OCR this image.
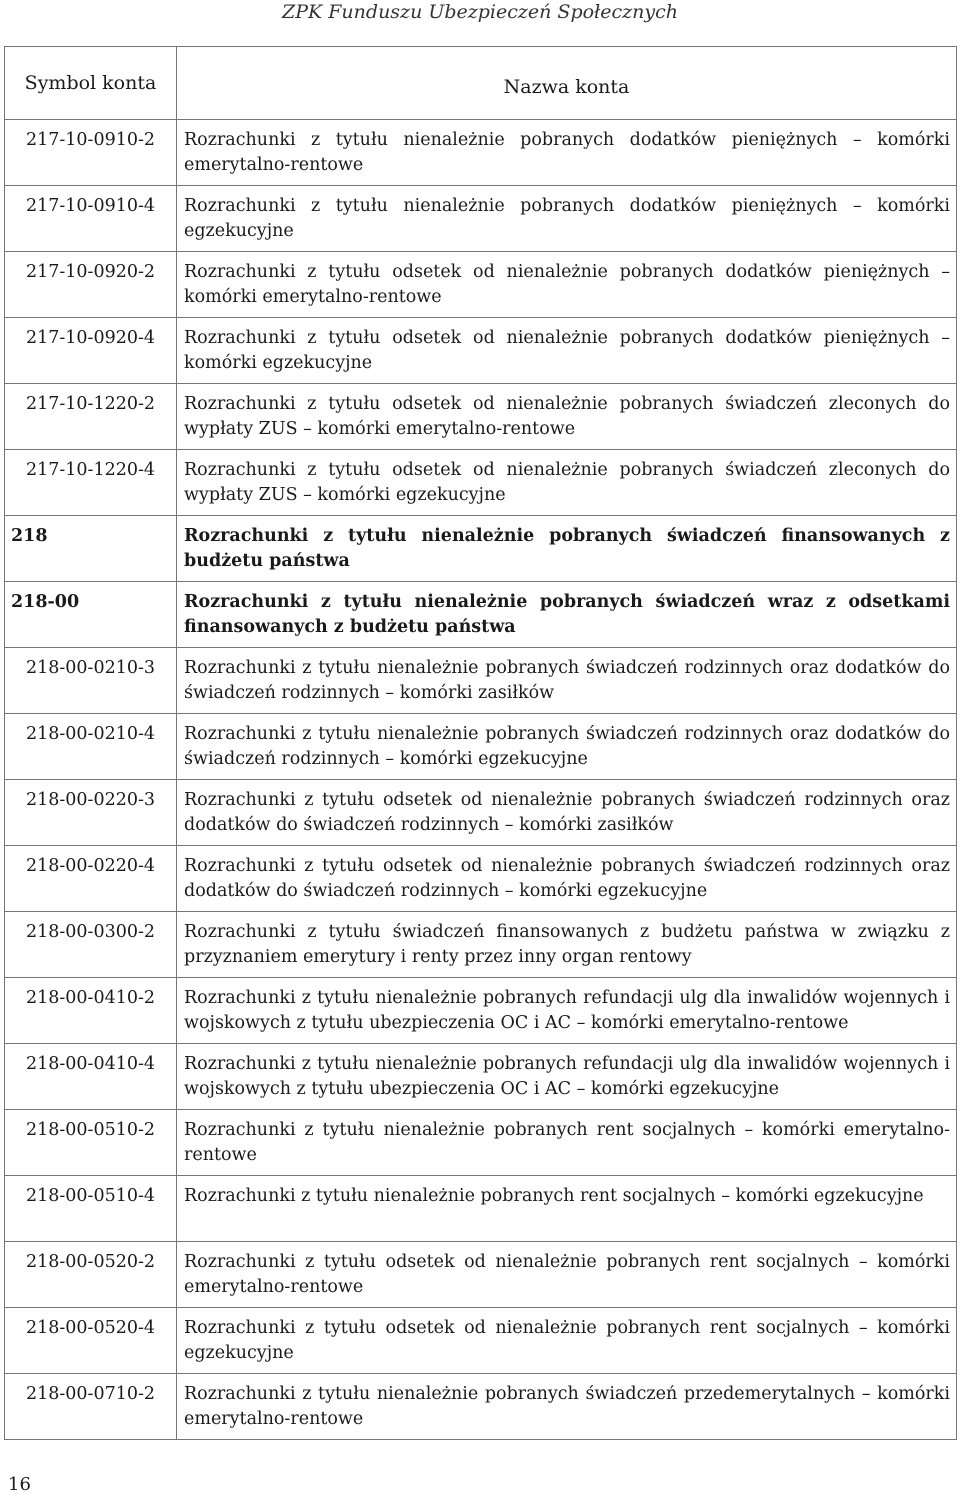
ZPK Funduszu Ubezpieczeń Społecznych
Symbol konta	Nazwa konta
217-10-0910-2	Rozrachunki z tytułu nienależnie pobranych dodatków pieniężnych – komórki emerytalno-rentowe
217-10-0910-4	Rozrachunki z tytułu nienależnie pobranych dodatków pieniężnych – komórki egzekucyjne
217-10-0920-2	Rozrachunki z tytułu odsetek od nienależnie pobranych dodatków pieniężnych – komórki emerytalno-rentowe
217-10-0920-4	Rozrachunki z tytułu odsetek od nienależnie pobranych dodatków pieniężnych – komórki egzekucyjne
217-10-1220-2	Rozrachunki z tytułu odsetek od nienależnie pobranych świadczeń zleconych do wypłaty ZUS – komórki emerytalno-rentowe
217-10-1220-4	Rozrachunki z tytułu odsetek od nienależnie pobranych świadczeń zleconych do wypłaty ZUS – komórki egzekucyjne
218	Rozrachunki z tytułu nienależnie pobranych świadczeń finansowanych z budżetu państwa
218-00	Rozrachunki z tytułu nienależnie pobranych świadczeń wraz z odsetkami finansowanych z budżetu państwa
218-00-0210-3	Rozrachunki z tytułu nienależnie pobranych świadczeń rodzinnych oraz dodatków do świadczeń rodzinnych – komórki zasiłków
218-00-0210-4	Rozrachunki z tytułu nienależnie pobranych świadczeń rodzinnych oraz dodatków do świadczeń rodzinnych – komórki egzekucyjne
218-00-0220-3	Rozrachunki z tytułu odsetek od nienależnie pobranych świadczeń rodzinnych oraz dodatków do świadczeń rodzinnych – komórki zasiłków
218-00-0220-4	Rozrachunki z tytułu odsetek od nienależnie pobranych świadczeń rodzinnych oraz dodatków do świadczeń rodzinnych – komórki egzekucyjne
218-00-0300-2	Rozrachunki z tytułu świadczeń finansowanych z budżetu państwa w związku z przyznaniem emerytury i renty przez inny organ rentowy
218-00-0410-2	Rozrachunki z tytułu nienależnie pobranych refundacji ulg dla inwalidów wojennych i wojskowych z tytułu ubezpieczenia OC i AC – komórki emerytalno-rentowe
218-00-0410-4	Rozrachunki z tytułu nienależnie pobranych refundacji ulg dla inwalidów wojennych i wojskowych z tytułu ubezpieczenia OC i AC – komórki egzekucyjne
218-00-0510-2	Rozrachunki z tytułu nienależnie pobranych rent socjalnych – komórki emerytalno-rentowe
218-00-0510-4	Rozrachunki z tytułu nienależnie pobranych rent socjalnych – komórki egzekucyjne
218-00-0520-2	Rozrachunki z tytułu odsetek od nienależnie pobranych rent socjalnych – komórki emerytalno-rentowe
218-00-0520-4	Rozrachunki z tytułu odsetek od nienależnie pobranych rent socjalnych – komórki egzekucyjne
218-00-0710-2	Rozrachunki z tytułu nienależnie pobranych świadczeń przedemerytalnych – komórki emerytalno-rentowe
16
